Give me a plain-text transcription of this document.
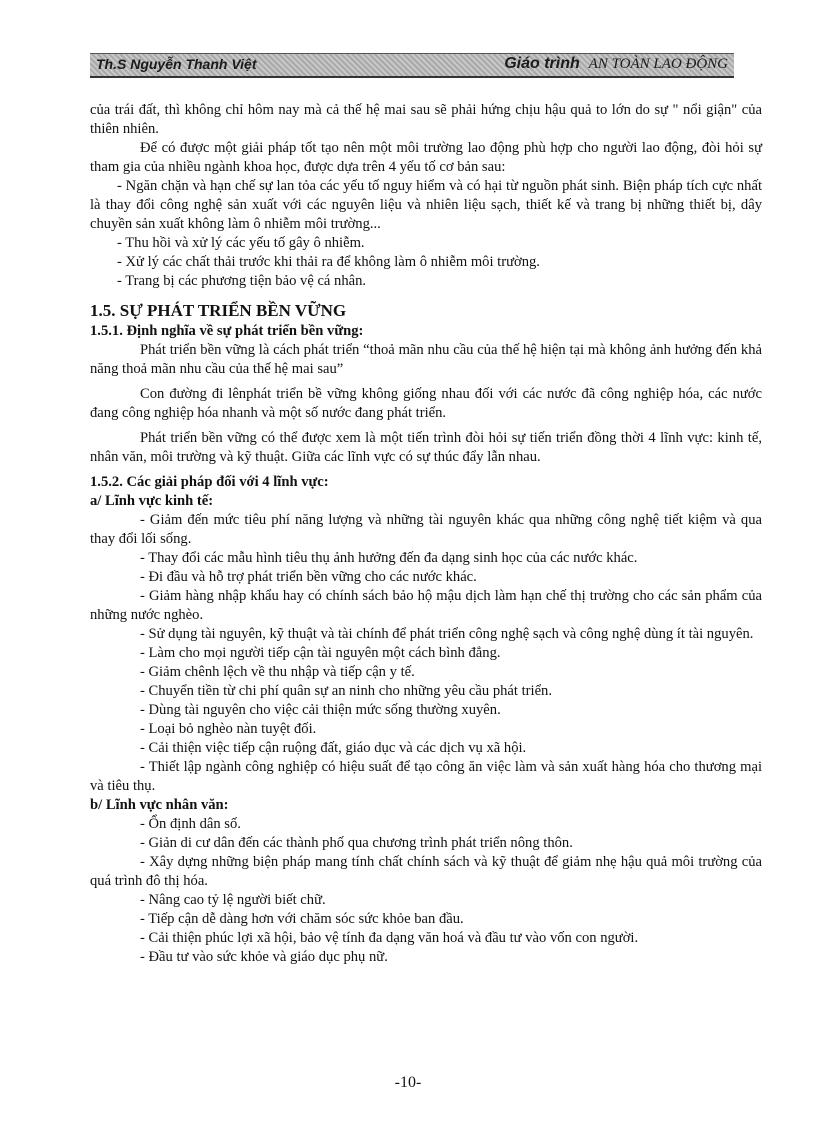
Th.S Nguyễn Thanh Việt	Giáo trình AN TOÀN LAO ĐỘNG

của trái đất, thì không chỉ hôm nay mà cả thế hệ mai sau sẽ phải hứng chịu hậu quả to lớn do sự " nổi giận" của thiên nhiên.

Để có được một giải pháp tốt tạo nên một môi trường lao động phù hợp cho người lao động, đòi hỏi sự tham gia của nhiều ngành khoa học, được dựa trên 4 yếu tố cơ bản sau:

- Ngăn chặn và hạn chế sự lan tỏa các yếu tố nguy hiểm và có hại từ nguồn phát sinh. Biện pháp tích cực nhất là thay đổi công nghệ sản xuất với các nguyên liệu và nhiên liệu sạch, thiết kế và trang bị những thiết bị, dây chuyền sản xuất không làm ô nhiễm môi trường...

- Thu hồi và xử lý các yếu tố gây ô nhiễm.

- Xử lý các chất thải trước khi thải ra để không làm ô nhiễm môi trường.

- Trang bị các phương tiện bảo vệ cá nhân.

1.5. SỰ PHÁT TRIỂN BỀN VỮNG

1.5.1. Định nghĩa về sự phát triển bền vững:

Phát triển bền vững là cách phát triển “thoả mãn nhu cầu của thế hệ hiện tại mà không ảnh hưởng đến khả năng thoả mãn nhu cầu của thế hệ mai sau”

Con đường đi lênphát triển bề vững không giống nhau đối với các nước đã công nghiệp hóa, các nước đang công nghiệp hóa nhanh và một số nước đang phát triển.

Phát triển bền vững có thể được xem là một tiến trình đòi hỏi sự tiến triển đồng thời 4 lĩnh vực: kinh tế, nhân văn, môi trường và kỹ thuật. Giữa các lĩnh vực có sự thúc đẩy lẫn nhau.

1.5.2. Các giải pháp đối với 4 lĩnh vực:

a/ Lĩnh vực kinh tế:

- Giảm đến mức tiêu phí năng lượng và những tài nguyên khác qua những công nghệ tiết kiệm và qua thay đổi lối sống.

- Thay đổi các mẫu hình tiêu thụ ảnh hưởng đến đa dạng sinh học của các nước khác.

- Đi đầu và hỗ trợ phát triển bền vững cho các nước khác.

- Giảm hàng nhập khẩu hay có chính sách bảo hộ mậu dịch làm hạn chế thị trường cho các sản phẩm của những nước nghèo.

- Sử dụng tài nguyên, kỹ thuật và tài chính để phát triển công nghệ sạch và công nghệ dùng ít tài nguyên.

- Làm cho mọi người tiếp cận tài nguyên một cách bình đẳng.

- Giảm chênh lệch về thu nhập và tiếp cận y tế.

- Chuyển tiền từ chi phí quân sự an ninh cho những yêu cầu phát triển.

- Dùng tài nguyên cho việc cải thiện mức sống thường xuyên.

- Loại bỏ nghèo nàn tuyệt đối.

- Cải thiện việc tiếp cận ruộng đất, giáo dục và các dịch vụ xã hội.

- Thiết lập ngành công nghiệp có hiệu suất để tạo công ăn việc làm và sản xuất hàng hóa cho thương mại và tiêu thụ.

b/ Lĩnh vực nhân văn:

- Ổn định dân số.

- Giản di cư dân đến các thành phố qua chương trình phát triển nông thôn.

- Xây dựng những biện pháp mang tính chất chính sách và kỹ thuật để giảm nhẹ hậu quả môi trường của quá trình đô thị hóa.

- Nâng cao tỷ lệ người biết chữ.

- Tiếp cận dễ dàng hơn với chăm sóc sức khỏe ban đầu.

- Cải thiện phúc lợi xã hội, bảo vệ tính đa dạng văn hoá và đầu tư vào vốn con người.

- Đầu tư vào sức khỏe và giáo dục phụ nữ.

-10-
